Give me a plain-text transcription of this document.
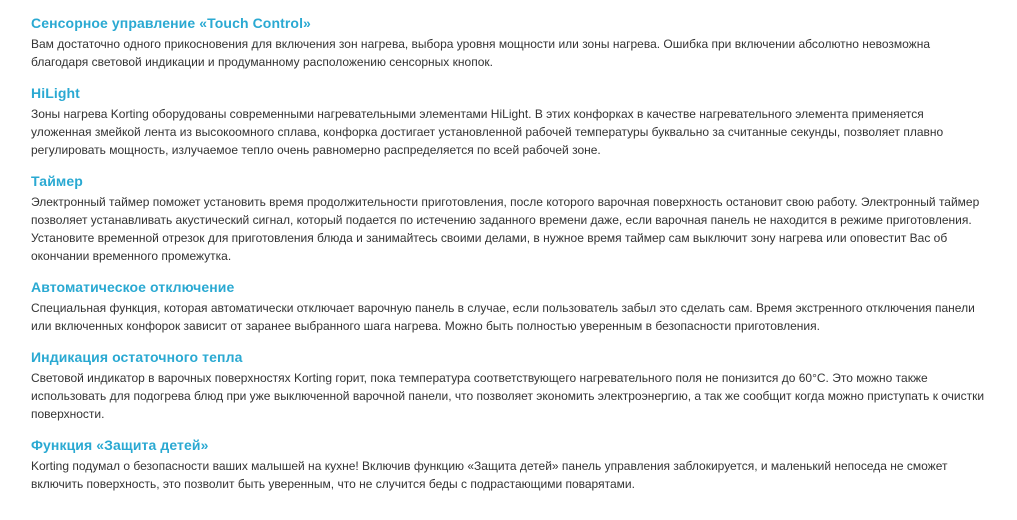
Сенсорное управление «Touch Control»

Вам достаточно одного прикосновения для включения зон нагрева, выбора уровня мощности или зоны нагрева. Ошибка при включении абсолютно невозможна благодаря световой индикации и продуманному расположению сенсорных кнопок.

HiLight

Зоны нагрева Korting оборудованы современными нагревательными элементами HiLight. В этих конфорках в качестве нагревательного элемента применяется уложенная змейкой лента из высокоомного сплава, конфорка достигает установленной рабочей температуры буквально за считанные секунды, позволяет плавно регулировать мощность, излучаемое тепло очень равномерно распределяется по всей рабочей зоне.

Таймер

Электронный таймер поможет установить время продолжительности приготовления, после которого варочная поверхность остановит свою работу. Электронный таймер позволяет устанавливать акустический сигнал, который подается по истечению заданного времени даже, если варочная панель не находится в режиме приготовления. Установите временной отрезок для приготовления блюда и занимайтесь своими делами, в нужное время таймер сам выключит зону нагрева или оповестит Вас об окончании временного промежутка.

Автоматическое отключение

Специальная функция, которая автоматически отключает варочную панель в случае, если пользователь забыл это сделать сам. Время экстренного отключения панели или включенных конфорок зависит от заранее выбранного шага нагрева. Можно быть полностью уверенным в безопасности приготовления.

Индикация остаточного тепла

Световой индикатор в варочных поверхностях Korting горит, пока температура соответствующего нагревательного поля не понизится до 60°C. Это можно также использовать для подогрева блюд при уже выключенной варочной панели, что позволяет экономить электроэнергию, а так же сообщит когда можно приступать к очистки поверхности.

Функция «Защита детей»

Korting подумал о безопасности ваших малышей на кухне! Включив функцию «Защита детей» панель управления заблокируется, и маленький непоседа не сможет включить поверхность, это позволит быть уверенным, что не случится беды с подрастающими поварятами.
